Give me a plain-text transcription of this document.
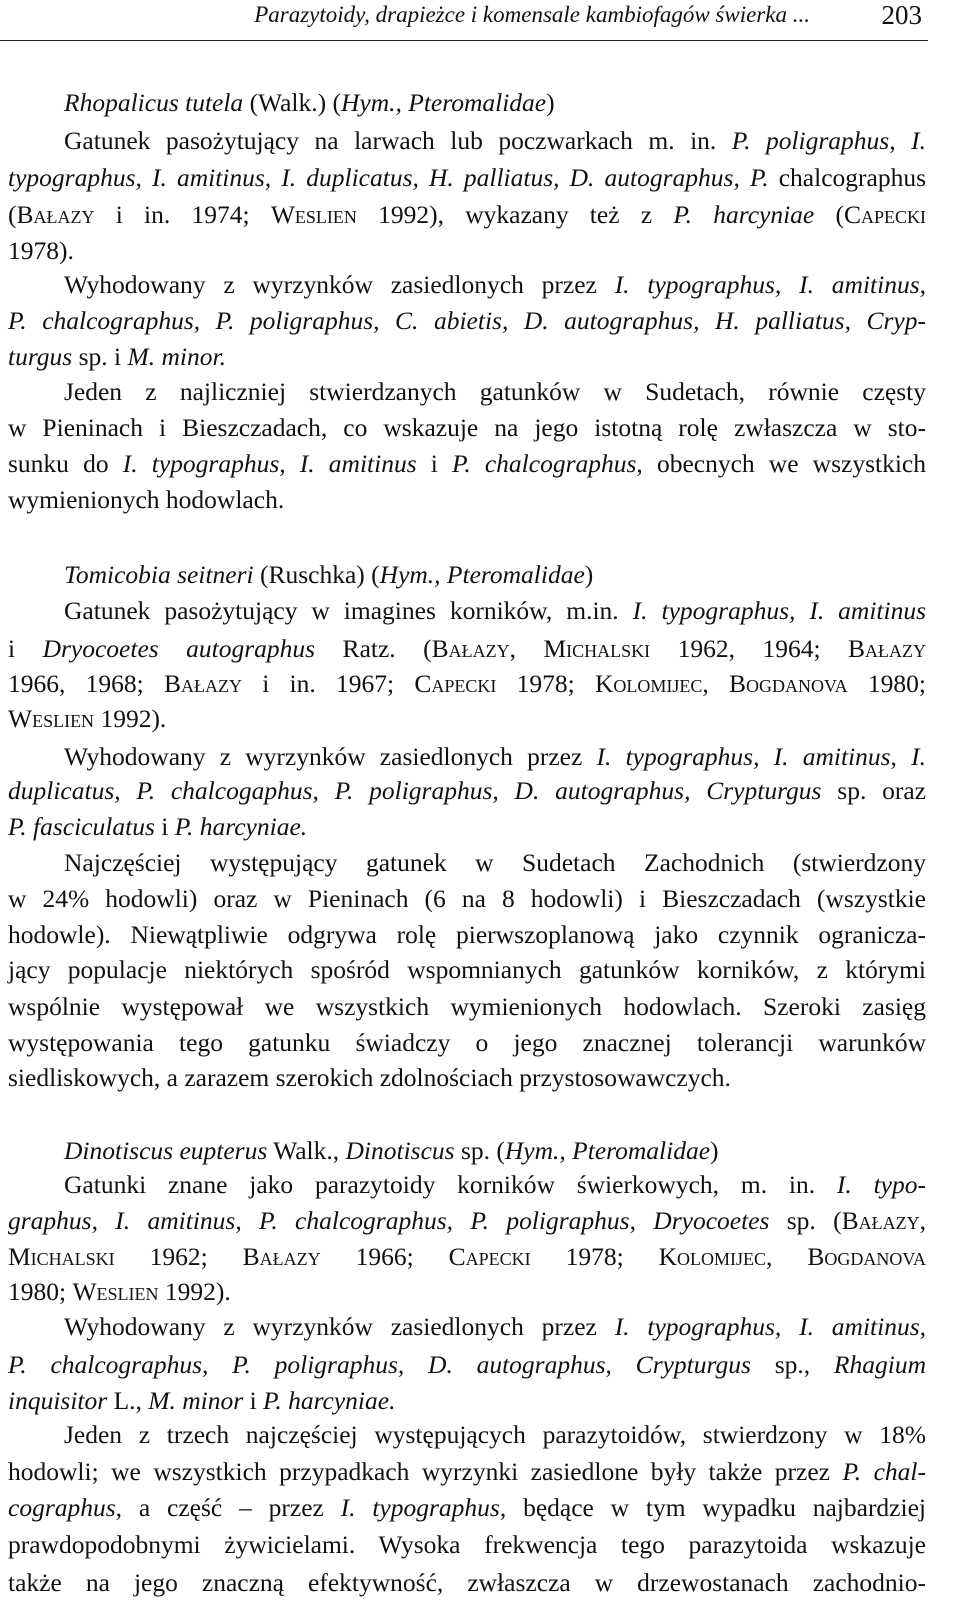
Parazytoidy, drapieżce i komensale kambiofagów świerka ...	203
Rhopalicus tutela (Walk.) (Hym., Pteromalidae)
Gatunek pasożytujący na larwach lub poczwarkach m. in. P. poligraphus, I.
typographus, I. amitinus, I. duplicatus, H. palliatus, D. autographus, P. chalcographus
(Bałazy i in. 1974; Weslien 1992), wykazany też z P. harcyniae (Capecki
1978).
Wyhodowany z wyrzynków zasiedlonych przez I. typographus, I. amitinus,
P. chalcographus, P. poligraphus, C. abietis, D. autographus, H. palliatus, Cryp-
turgus sp. i M. minor.
Jeden z najliczniej stwierdzanych gatunków w Sudetach, równie częsty
w Pieninach i Bieszczadach, co wskazuje na jego istotną rolę zwłaszcza w sto-
sunku do I. typographus, I. amitinus i P. chalcographus, obecnych we wszystkich
wymienionych hodowlach.
Tomicobia seitneri (Ruschka) (Hym., Pteromalidae)
Gatunek pasożytujący w imagines korników, m.in. I. typographus, I. amitinus
i Dryocoetes autographus Ratz. (Bałazy, Michalski 1962, 1964; Bałazy
1966, 1968; Bałazy i in. 1967; Capecki 1978; Kolomijec, Bogdanova 1980;
Weslien 1992).
Wyhodowany z wyrzynków zasiedlonych przez I. typographus, I. amitinus, I.
duplicatus, P. chalcogaphus, P. poligraphus, D. autographus, Crypturgus sp. oraz
P. fasciculatus i P. harcyniae.
Najczęściej występujący gatunek w Sudetach Zachodnich (stwierdzony
w 24% hodowli) oraz w Pieninach (6 na 8 hodowli) i Bieszczadach (wszystkie
hodowle). Niewątpliwie odgrywa rolę pierwszoplanową jako czynnik ogranicza-
jący populacje niektórych spośród wspomnianych gatunków korników, z którymi
wspólnie występował we wszystkich wymienionych hodowlach. Szeroki zasięg
występowania tego gatunku świadczy o jego znacznej tolerancji warunków
siedliskowych, a zarazem szerokich zdolnościach przystosowawczych.
Dinotiscus eupterus Walk., Dinotiscus sp. (Hym., Pteromalidae)
Gatunki znane jako parazytoidy korników świerkowych, m. in. I. typo-
graphus, I. amitinus, P. chalcographus, P. poligraphus, Dryocoetes sp. (Bałazy,
Michalski 1962; Bałazy 1966; Capecki 1978; Kolomijec, Bogdanova
1980; Weslien 1992).
Wyhodowany z wyrzynków zasiedlonych przez I. typographus, I. amitinus,
P. chalcographus, P. poligraphus, D. autographus, Crypturgus sp., Rhagium
inquisitor L., M. minor i P. harcyniae.
Jeden z trzech najczęściej występujących parazytoidów, stwierdzony w 18%
hodowli; we wszystkich przypadkach wyrzynki zasiedlone były także przez P. chal-
cographus, a część – przez I. typographus, będące w tym wypadku najbardziej
prawdopodobnymi żywicielami. Wysoka frekwencja tego parazytoida wskazuje
także na jego znaczną efektywność, zwłaszcza w drzewostanach zachodnio-
